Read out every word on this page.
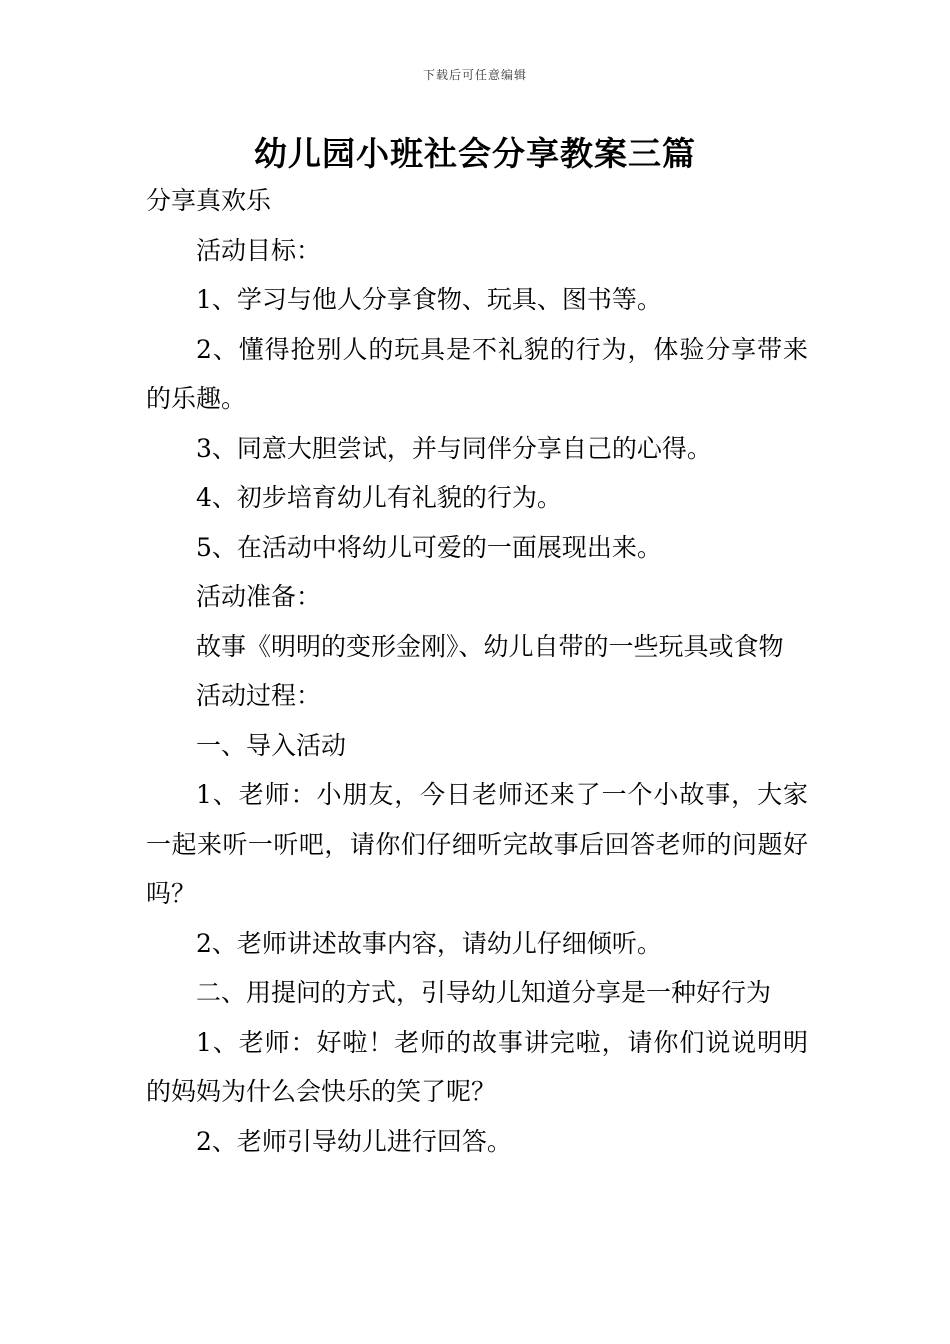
下载后可任意编辑
幼儿园小班社会分享教案三篇

分享真欢乐

活动目标：

1、学习与他人分享食物、玩具、图书等。

2、懂得抢别人的玩具是不礼貌的行为，体验分享带来的乐趣。

3、同意大胆尝试，并与同伴分享自己的心得。

4、初步培育幼儿有礼貌的行为。

5、在活动中将幼儿可爱的一面展现出来。

活动准备：

故事《明明的变形金刚》、幼儿自带的一些玩具或食物

活动过程：

一、导入活动

1、老师：小朋友，今日老师还来了一个小故事，大家一起来听一听吧，请你们仔细听完故事后回答老师的问题好吗？

2、老师讲述故事内容，请幼儿仔细倾听。

二、用提问的方式，引导幼儿知道分享是一种好行为

1、老师：好啦！老师的故事讲完啦，请你们说说明明的妈妈为什么会快乐的笑了呢？

2、老师引导幼儿进行回答。
